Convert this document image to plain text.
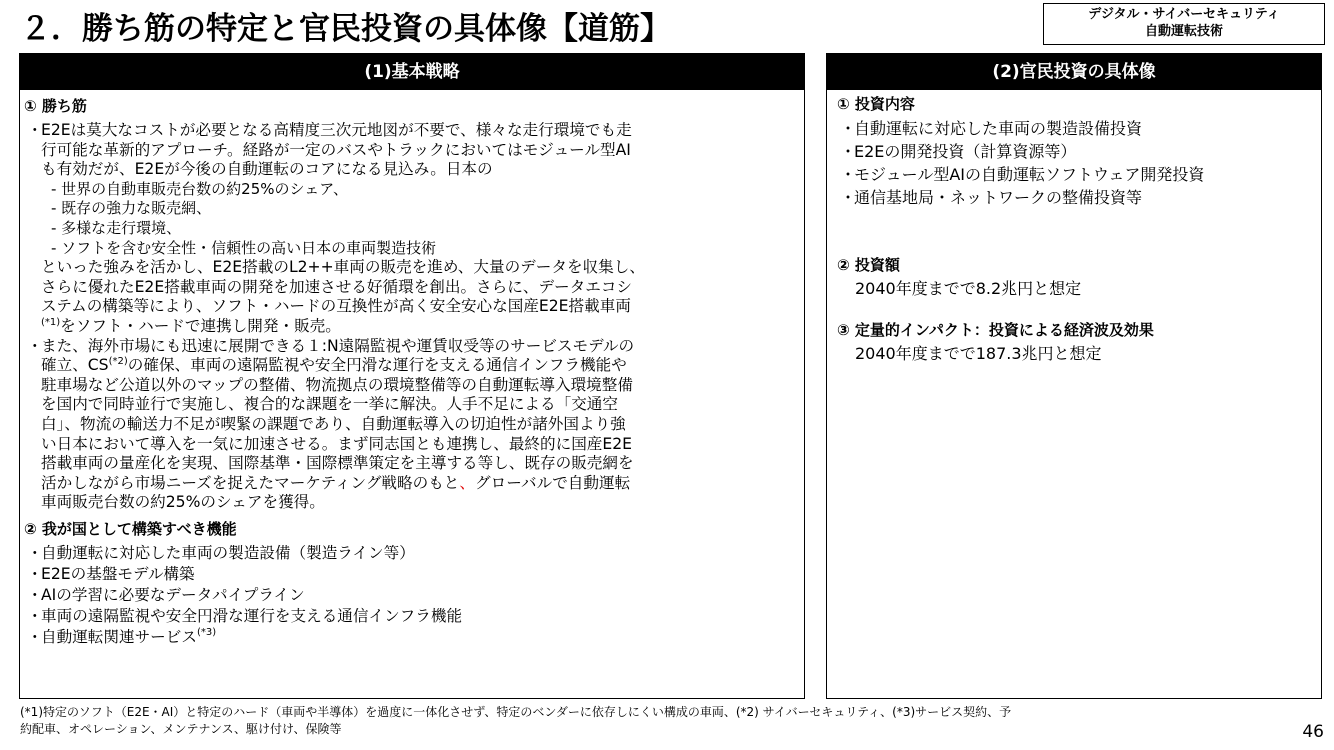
２．勝ち筋の特定と官民投資の具体像【道筋】	デジタル・サイバーセキュリティ
自動運転技術
(1)基本戦略
① 勝ち筋
・
E2Eは莫大なコストが必要となる高精度三次元地図が不要で、様々な走行環境でも走
行可能な革新的アプローチ。経路が一定のバスやトラックにおいてはモジュール型AI
も有効だが、E2Eが今後の自動運転のコアになる見込み。日本の
- 世界の自動車販売台数の約25%のシェア、
- 既存の強力な販売網、
- 多様な走行環境、
- ソフトを含む安全性・信頼性の高い日本の車両製造技術
といった強みを活かし、E2E搭載のL2++車両の販売を進め、大量のデータを収集し、
さらに優れたE2E搭載車両の開発を加速させる好循環を創出。さらに、データエコシ
ステムの構築等により、ソフト・ハードの互換性が高く安全安心な国産E2E搭載車両
$^{(*1)}$をソフト・ハードで連携し開発・販売。
・
また、海外市場にも迅速に展開できる１:N遠隔監視や運賃収受等のサービスモデルの
確立、$CS^{(*2)}$の確保、車両の遠隔監視や安全円滑な運行を支える通信インフラ機能や
駐車場など公道以外のマップの整備、物流拠点の環境整備等の自動運転導入環境整備
を国内で同時並行で実施し、複合的な課題を一挙に解決。人手不足による「交通空
白」、物流の輸送力不足が喫緊の課題であり、自動運転導入の切迫性が諸外国より強
い日本において導入を一気に加速させる。まず同志国とも連携し、最終的に国産E2E
搭載車両の量産化を実現、国際基準・国際標準策定を主導する等し、既存の販売網を
活かしながら市場ニーズを捉えたマーケティング戦略のもと、グローバルで自動運転
車両販売台数の約25%のシェアを獲得。
② 我が国として構築すべき機能
・
自動運転に対応した車両の製造設備（製造ライン等）
・
E2Eの基盤モデル構築
・
AIの学習に必要なデータパイプライン
・
車両の遠隔監視や安全円滑な運行を支える通信インフラ機能
・
自動運転関連サービス$^{(*3)}$
(2)官民投資の具体像
① 投資内容
・
自動運転に対応した車両の製造設備投資
・
E2Eの開発投資（計算資源等）
・
モジュール型AIの自動運転ソフトウェア開発投資
・
通信基地局・ネットワークの整備投資等
② 投資額
2040年度までで8.2兆円と想定
③ 定量的インパクト：投資による経済波及効果
2040年度までで187.3兆円と想定
(*1)特定のソフト（E2E・AI）と特定のハード（車両や半導体）を過度に一体化させず、特定のベンダーに依存しにくい構成の車両、(*2) サイバーセキュリティ、(*3)サービス契約、予
約配車、オペレーション、メンテナンス、駆け付け、保険等	46
